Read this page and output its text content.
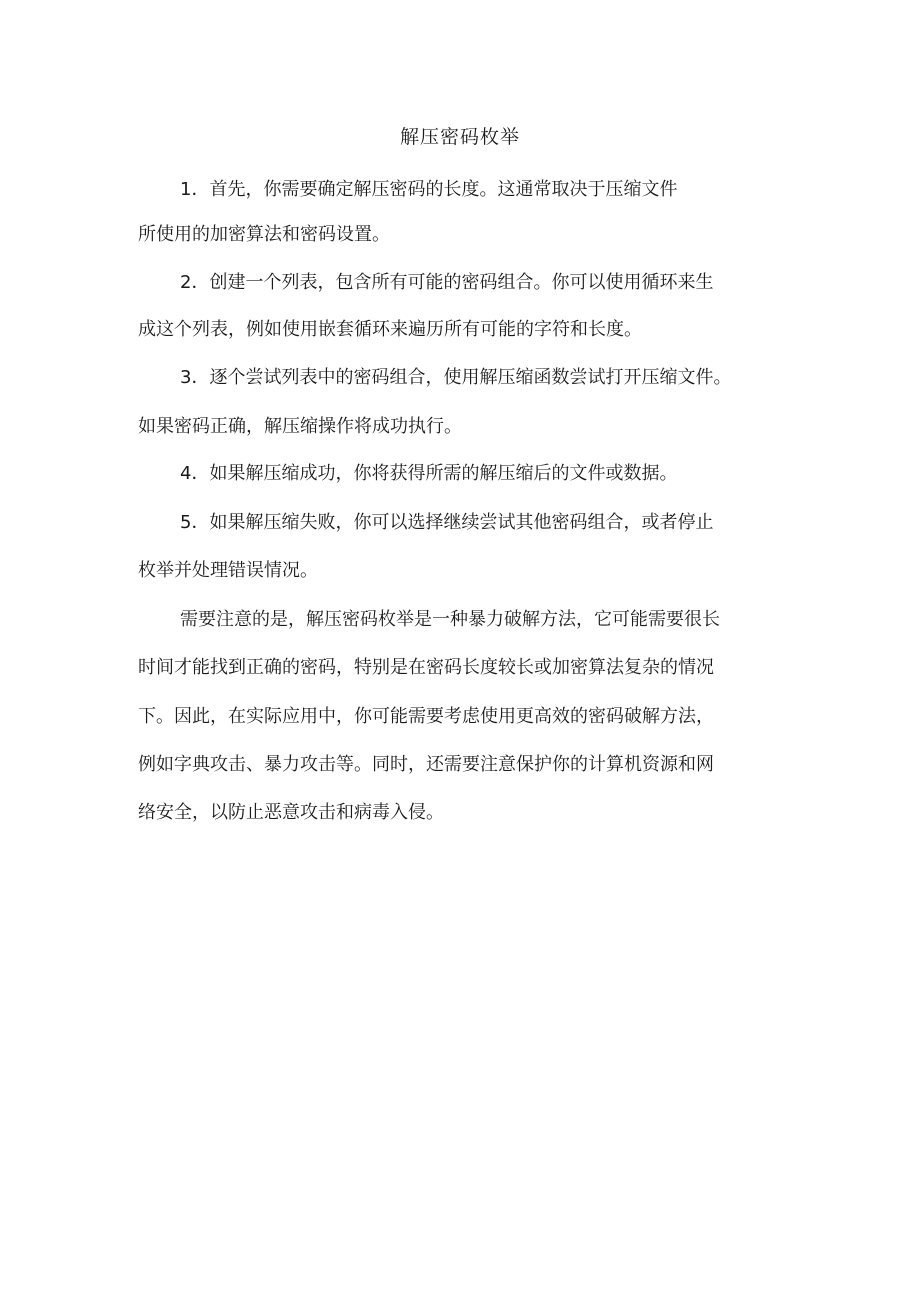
解压密码枚举
1．首先，你需要确定解压密码的长度。这通常取决于压缩文件
所使用的加密算法和密码设置。
2．创建一个列表，包含所有可能的密码组合。你可以使用循环来生
成这个列表，例如使用嵌套循环来遍历所有可能的字符和长度。
3．逐个尝试列表中的密码组合，使用解压缩函数尝试打开压缩文件。
如果密码正确，解压缩操作将成功执行。
4．如果解压缩成功，你将获得所需的解压缩后的文件或数据。
5．如果解压缩失败，你可以选择继续尝试其他密码组合，或者停止
枚举并处理错误情况。
需要注意的是，解压密码枚举是一种暴力破解方法，它可能需要很长
时间才能找到正确的密码，特别是在密码长度较长或加密算法复杂的情况
下。因此，在实际应用中，你可能需要考虑使用更高效的密码破解方法，
例如字典攻击、暴力攻击等。同时，还需要注意保护你的计算机资源和网
络安全，以防止恶意攻击和病毒入侵。
